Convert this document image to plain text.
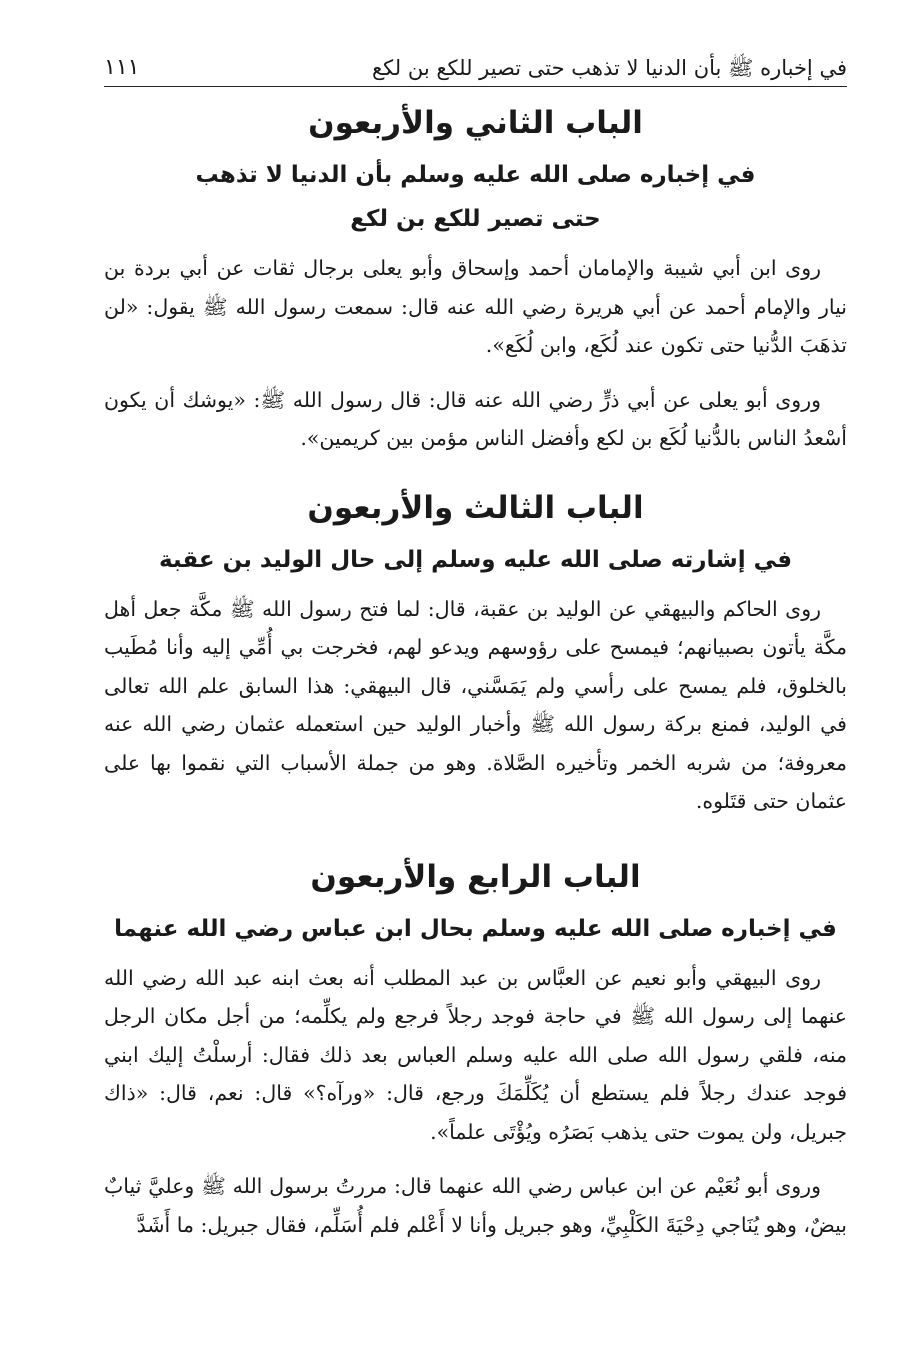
في إخباره ﷺ بأن الدنيا لا تذهب حتى تصير للكع بن لكع
١١١
الباب الثاني والأربعون
في إخباره صلى الله عليه وسلم بأن الدنيا لا تذهب
حتى تصير للكع بن لكع

روى ابن أبي شيبة والإمامان أحمد وإسحاق وأبو يعلى برجال ثقات عن أبي بردة بن نيار والإمام أحمد عن أبي هريرة رضي الله عنه قال: سمعت رسول الله ﷺ يقول: «لن تذهَبَ الدُّنيا حتى تكون عند لُكَع، وابن لُكَع».

وروى أبو يعلى عن أبي ذرٍّ رضي الله عنه قال: قال رسول الله ﷺ: «يوشك أن يكون أسْعدُ الناس بالدُّنيا لُكَع بن لكع وأفضل الناس مؤمن بين كريمين».

الباب الثالث والأربعون
في إشارته صلى الله عليه وسلم إلى حال الوليد بن عقبة

روى الحاكم والبيهقي عن الوليد بن عقبة، قال: لما فتح رسول الله ﷺ مكَّة جعل أهل مكَّة يأتون بصبيانهم؛ فيمسح على رؤوسهم ويدعو لهم، فخرجت بي أُمِّي إليه وأنا مُطَيب بالخلوق، فلم يمسح على رأسي ولم يَمَسَّني، قال البيهقي: هذا السابق علم الله تعالى في الوليد، فمنع بركة رسول الله ﷺ وأخبار الوليد حين استعمله عثمان رضي الله عنه معروفة؛ من شربه الخمر وتأخيره الصَّلاة. وهو من جملة الأسباب التي نقموا بها على عثمان حتى قتَلوه.

الباب الرابع والأربعون
في إخباره صلى الله عليه وسلم بحال ابن عباس رضي الله عنهما

روى البيهقي وأبو نعيم عن العبَّاس بن عبد المطلب أنه بعث ابنه عبد الله رضي الله عنهما إلى رسول الله ﷺ في حاجة فوجد رجلاً فرجع ولم يكلِّمه؛ من أجل مكان الرجل منه، فلقي رسول الله صلى الله عليه وسلم العباس بعد ذلك فقال: أرسلْتُ إليك ابني فوجد عندك رجلاً فلم يستطع أن يُكَلِّمَكَ ورجع، قال: «ورآه؟» قال: نعم، قال: «ذاك جبريل، ولن يموت حتى يذهب بَصَرُه ويُؤْتَى علماً».

وروى أبو نُعَيْم عن ابن عباس رضي الله عنهما قال: مررتُ برسول الله ﷺ وعليَّ ثيابٌ بيضٌ، وهو يُنَاجي دِحْيَةَ الكَلْبِيِّ، وهو جبريل وأنا لا أَعْلم فلم أُسَلِّم، فقال جبريل: ما أَشَدَّ
